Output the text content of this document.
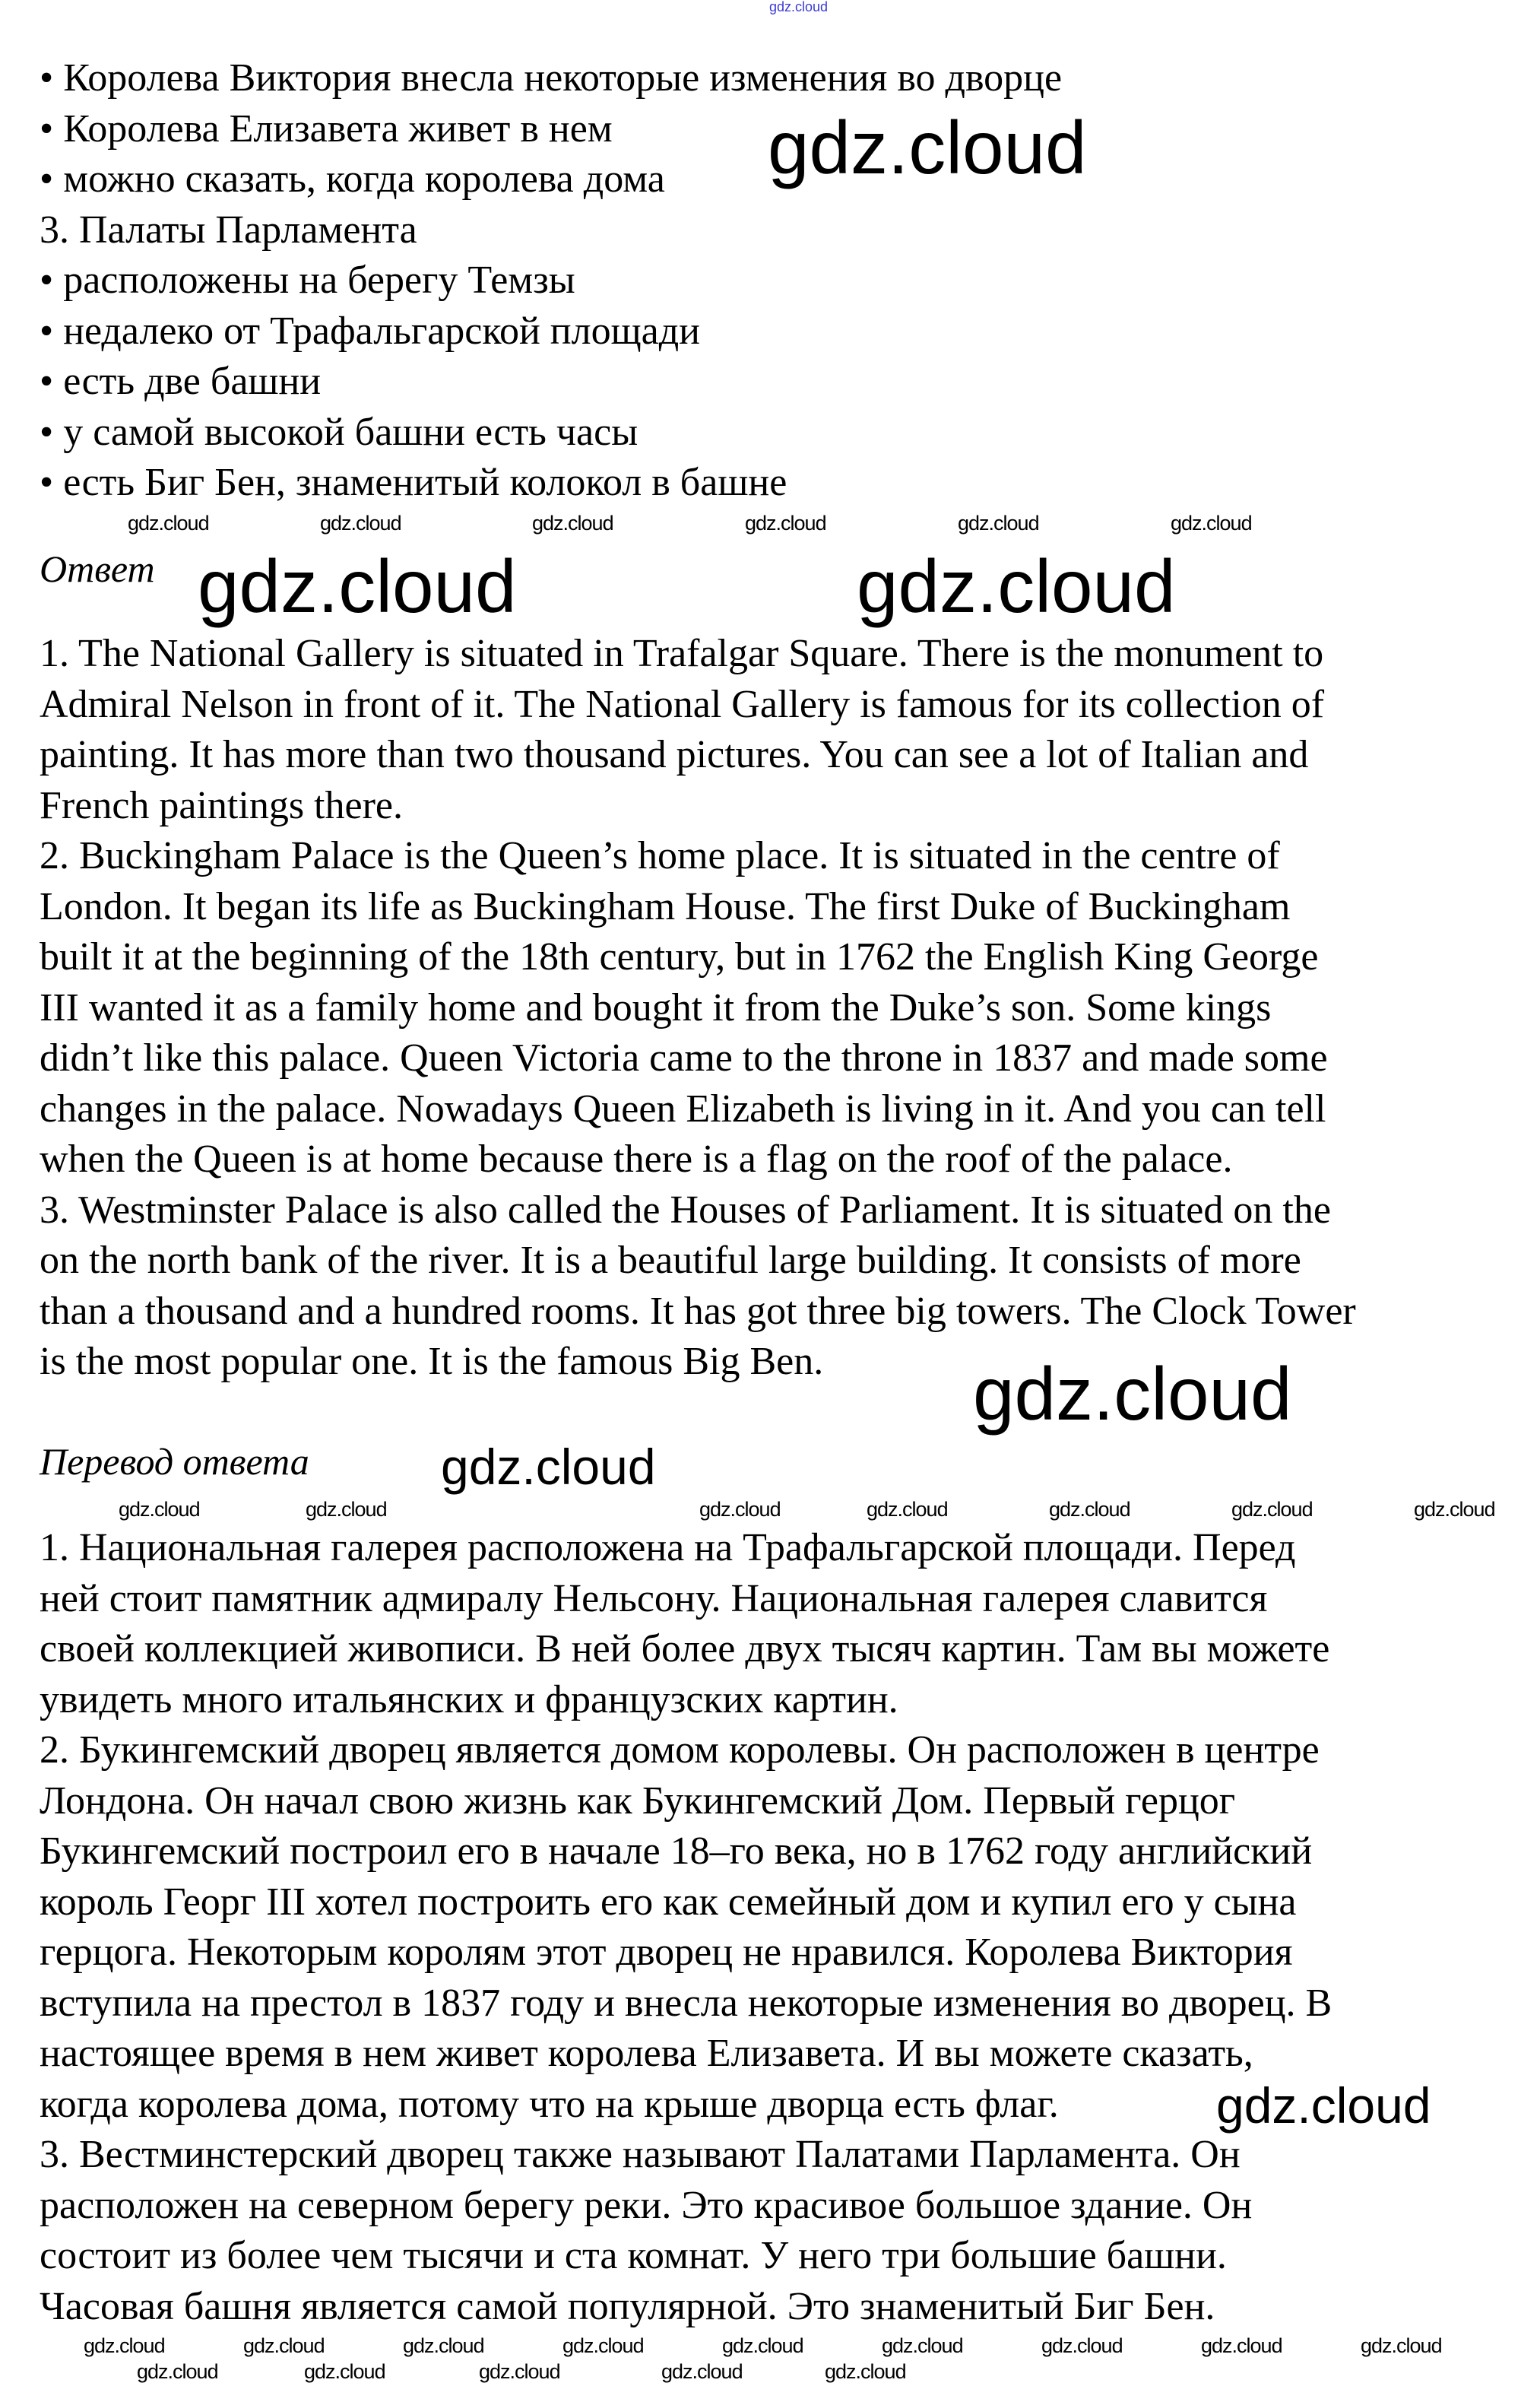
• Королева Виктория внесла некоторые изменения во дворце
• Королева Елизавета живет в нем
• можно сказать, когда королева дома
3. Палаты Парламента
• расположены на берегу Темзы
• недалеко от Трафальгарской площади
• есть две башни
• у самой высокой башни есть часы
• есть Биг Бен, знаменитый колокол в башне
Ответ
1. The National Gallery is situated in Trafalgar Square. There is the monument to
Admiral Nelson in front of it. The National Gallery is famous for its collection of
painting. It has more than two thousand pictures. You can see a lot of Italian and
French paintings there.
2. Buckingham Palace is the Queen’s home place. It is situated in the centre of
London. It began its life as Buckingham House. The first Duke of Buckingham
built it at the beginning of the 18th century, but in 1762 the English King George
III wanted it as a family home and bought it from the Duke’s son. Some kings
didn’t like this palace. Queen Victoria came to the throne in 1837 and made some
changes in the palace. Nowadays Queen Elizabeth is living in it. And you can tell
when the Queen is at home because there is a flag on the roof of the palace.
3. Westminster Palace is also called the Houses of Parliament. It is situated on the
on the north bank of the river. It is a beautiful large building. It consists of more
than a thousand and a hundred rooms. It has got three big towers. The Clock Tower
is the most popular one. It is the famous Big Ben.
Перевод ответа
1. Национальная галерея расположена на Трафальгарской площади. Перед
ней стоит памятник адмиралу Нельсону. Национальная галерея славится
своей коллекцией живописи. В ней более двух тысяч картин. Там вы можете
увидеть много итальянских и французских картин.
2. Букингемский дворец является домом королевы. Он расположен в центре
Лондона. Он начал свою жизнь как Букингемский Дом. Первый герцог
Букингемский построил его в начале 18–го века, но в 1762 году английский
король Георг III хотел построить его как семейный дом и купил его у сына
герцога. Некоторым королям этот дворец не нравился. Королева Виктория
вступила на престол в 1837 году и внесла некоторые изменения во дворец. В
настоящее время в нем живет королева Елизавета. И вы можете сказать,
когда королева дома, потому что на крыше дворца есть флаг.
3. Вестминстерский дворец также называют Палатами Парламента. Он
расположен на северном берегу реки. Это красивое большое здание. Он
состоит из более чем тысячи и ста комнат. У него три большие башни.
Часовая башня является самой популярной. Это знаменитый Биг Бен.
gdz.cloud
gdz.cloud
gdz.cloud	gdz.cloud
gdz.cloud
gdz.cloud
gdz.cloud
gdz.cloud	gdz.cloud	gdz.cloud	gdz.cloud	gdz.cloud	gdz.cloud
gdz.cloud	gdz.cloud	gdz.cloud	gdz.cloud	gdz.cloud	gdz.cloud	gdz.cloud
gdz.cloud	gdz.cloud	gdz.cloud	gdz.cloud	gdz.cloud	gdz.cloud	gdz.cloud	gdz.cloud	gdz.cloud
gdz.cloud	gdz.cloud	gdz.cloud	gdz.cloud	gdz.cloud
